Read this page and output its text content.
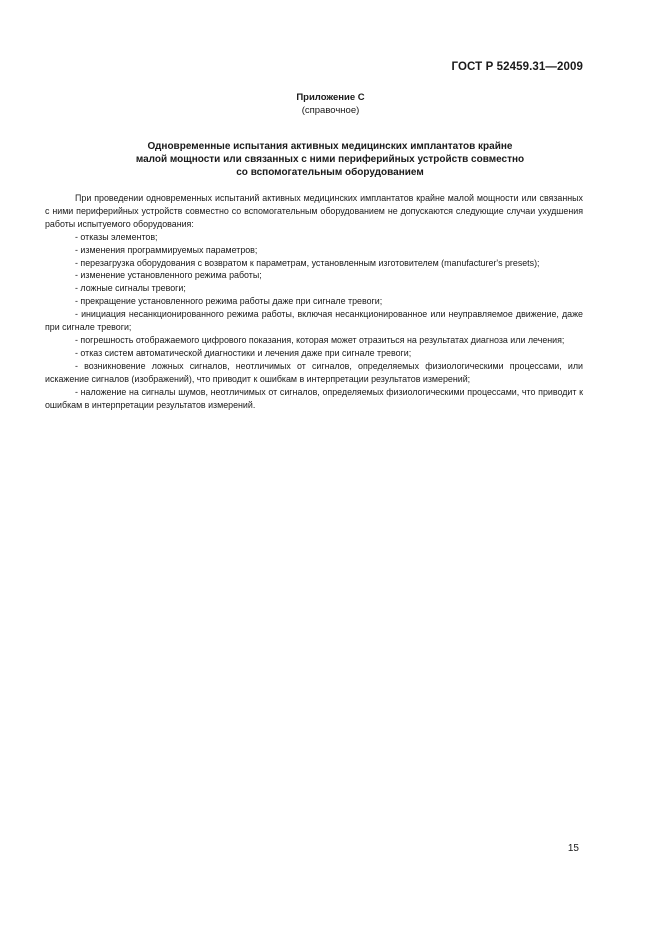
ГОСТ Р 52459.31—2009
Приложение С
(справочное)
Одновременные испытания активных медицинских имплантатов крайне
малой мощности или связанных с ними периферийных устройств совместно
со вспомогательным оборудованием

При проведении одновременных испытаний активных медицинских имплантатов крайне малой мощности или связанных с ними периферийных устройств совместно со вспомогательным оборудованием не допускаются следующие случаи ухудшения работы испытуемого оборудования:

- отказы элементов;
- изменения программируемых параметров;
- перезагрузка оборудования с возвратом к параметрам, установленным изготовителем (manufacturer's presets);
- изменение установленного режима работы;
- ложные сигналы тревоги;
- прекращение установленного режима работы даже при сигнале тревоги;
- инициация несанкционированного режима работы, включая несанкционированное или неуправляемое движение, даже при сигнале тревоги;
- погрешность отображаемого цифрового показания, которая может отразиться на результатах диагноза или лечения;
- отказ систем автоматической диагностики и лечения даже при сигнале тревоги;
- возникновение ложных сигналов, неотличимых от сигналов, определяемых физиологическими процессами, или искажение сигналов (изображений), что приводит к ошибкам в интерпретации результатов измерений;
- наложение на сигналы шумов, неотличимых от сигналов, определяемых физиологическими процессами, что приводит к ошибкам в интерпретации результатов измерений.
15
